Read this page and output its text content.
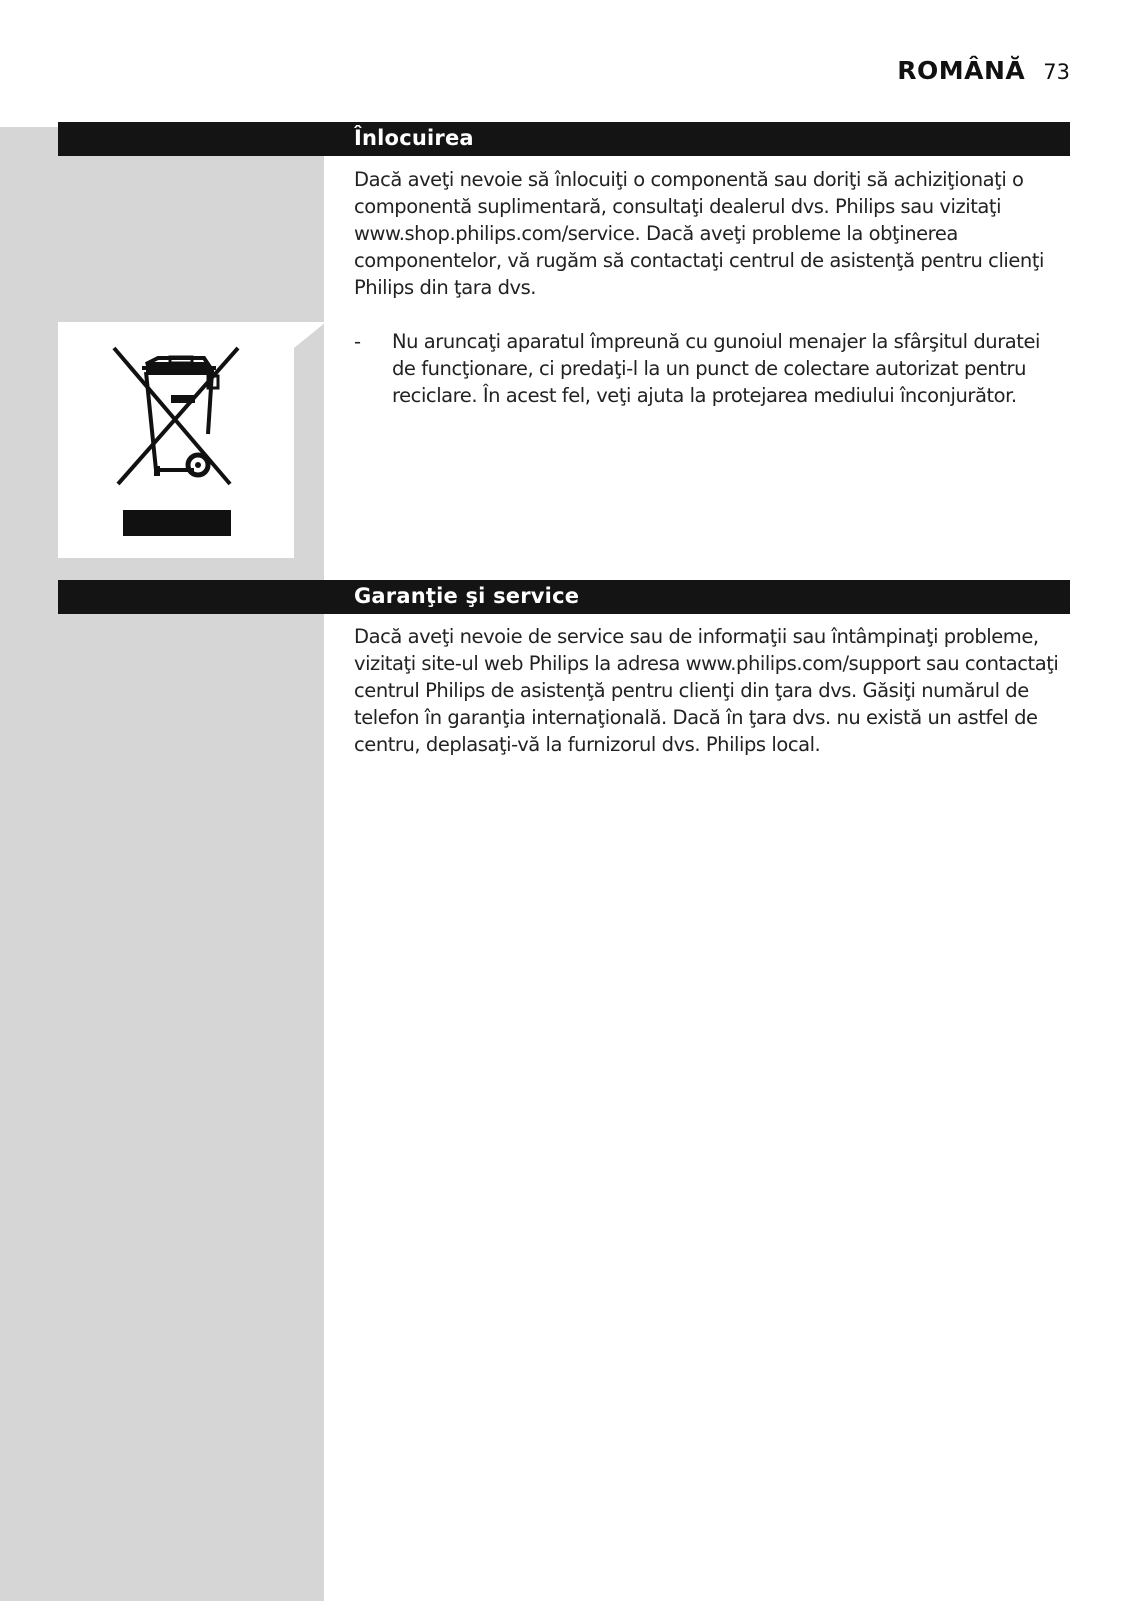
ROMÂNĂ 73
Înlocuirea
Dacă aveţi nevoie să înlocuiţi o componentă sau doriţi să achiziţionaţi o componentă suplimentară, consultaţi dealerul dvs. Philips sau vizitaţi www.shop.philips.com/service. Dacă aveţi probleme la obţinerea componentelor, vă rugăm să contactaţi centrul de asistenţă pentru clienţi Philips din ţara dvs.
- Nu aruncaţi aparatul împreună cu gunoiul menajer la sfârşitul duratei de funcţionare, ci predaţi-l la un punct de colectare autorizat pentru reciclare. În acest fel, veţi ajuta la protejarea mediului înconjurător.
Garanţie şi service
Dacă aveţi nevoie de service sau de informaţii sau întâmpinaţi probleme, vizitaţi site-ul web Philips la adresa www.philips.com/support sau contactaţi centrul Philips de asistenţă pentru clienţi din ţara dvs. Găsiţi numărul de telefon în garanţia internaţională. Dacă în ţara dvs. nu există un astfel de centru, deplasaţi-vă la furnizorul dvs. Philips local.
